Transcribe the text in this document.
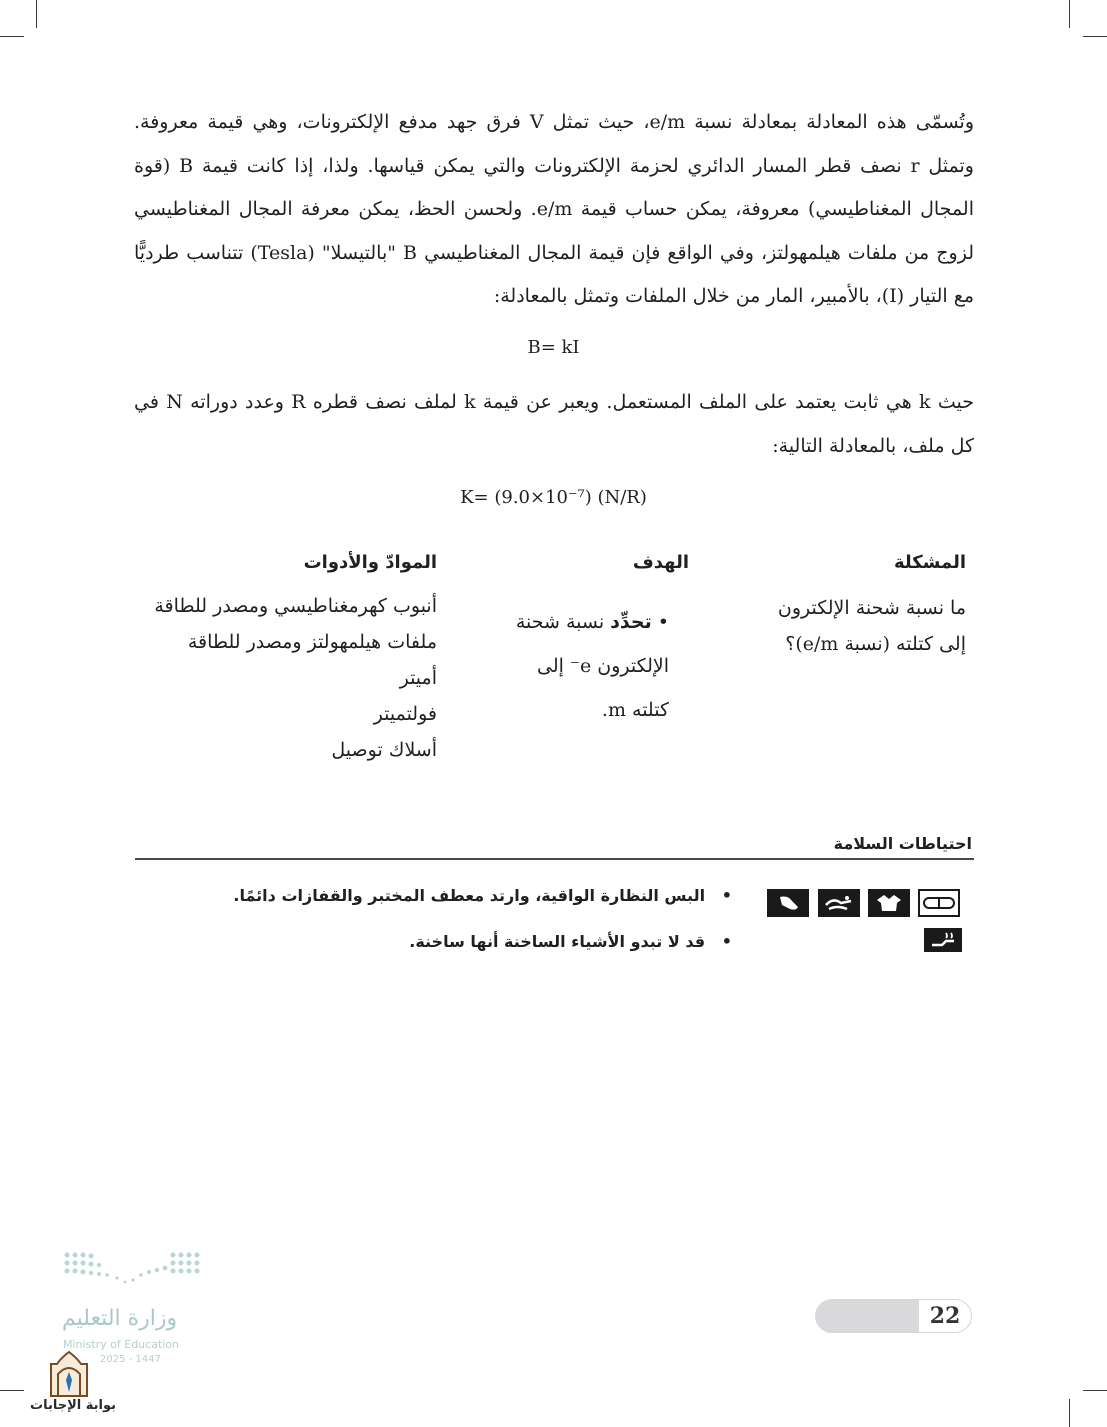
وتُسمّى هذه المعادلة بمعادلة نسبة e/m، حيث تمثل V فرق جهد مدفع الإلكترونات، وهي قيمة معروفة. وتمثل r نصف قطر المسار الدائري لحزمة الإلكترونات والتي يمكن قياسها. ولذا، إذا كانت قيمة B (قوة المجال المغناطيسي) معروفة، يمكن حساب قيمة e/m. ولحسن الحظ، يمكن معرفة المجال المغناطيسي لزوج من ملفات هيلمهولتز، وفي الواقع فإن قيمة المجال المغناطيسي B "بالتيسلا" (Tesla) تتناسب طرديًّا مع التيار (I)، بالأمبير، المار من خلال الملفات وتمثل بالمعادلة:
B= kI
حيث k هي ثابت يعتمد على الملف المستعمل. ويعبر عن قيمة k لملف نصف قطره R وعدد دوراته N في كل ملف، بالمعادلة التالية:
K= (9.0×10⁻⁷) (N/R)
المشكلة
الهدف
الموادّ والأدوات
ما نسبة شحنة الإلكترون
إلى كتلته (نسبة e/m)؟
• تحدِّد نسبة شحنة
الإلكترون e⁻ إلى
كتلته m.
أنبوب كهرمغناطيسي ومصدر للطاقة
ملفات هيلمهولتز ومصدر للطاقة
أميتر
فولتميتر
أسلاك توصيل
احتياطات السلامة
•   البس النظارة الواقية، وارتد معطف المختبر والقفازات دائمًا.
•   قد لا تبدو الأشياء الساخنة أنها ساخنة.
22
وزارة التعليم
Ministry of Education
2025 - 1447
بوابة الإجابات
